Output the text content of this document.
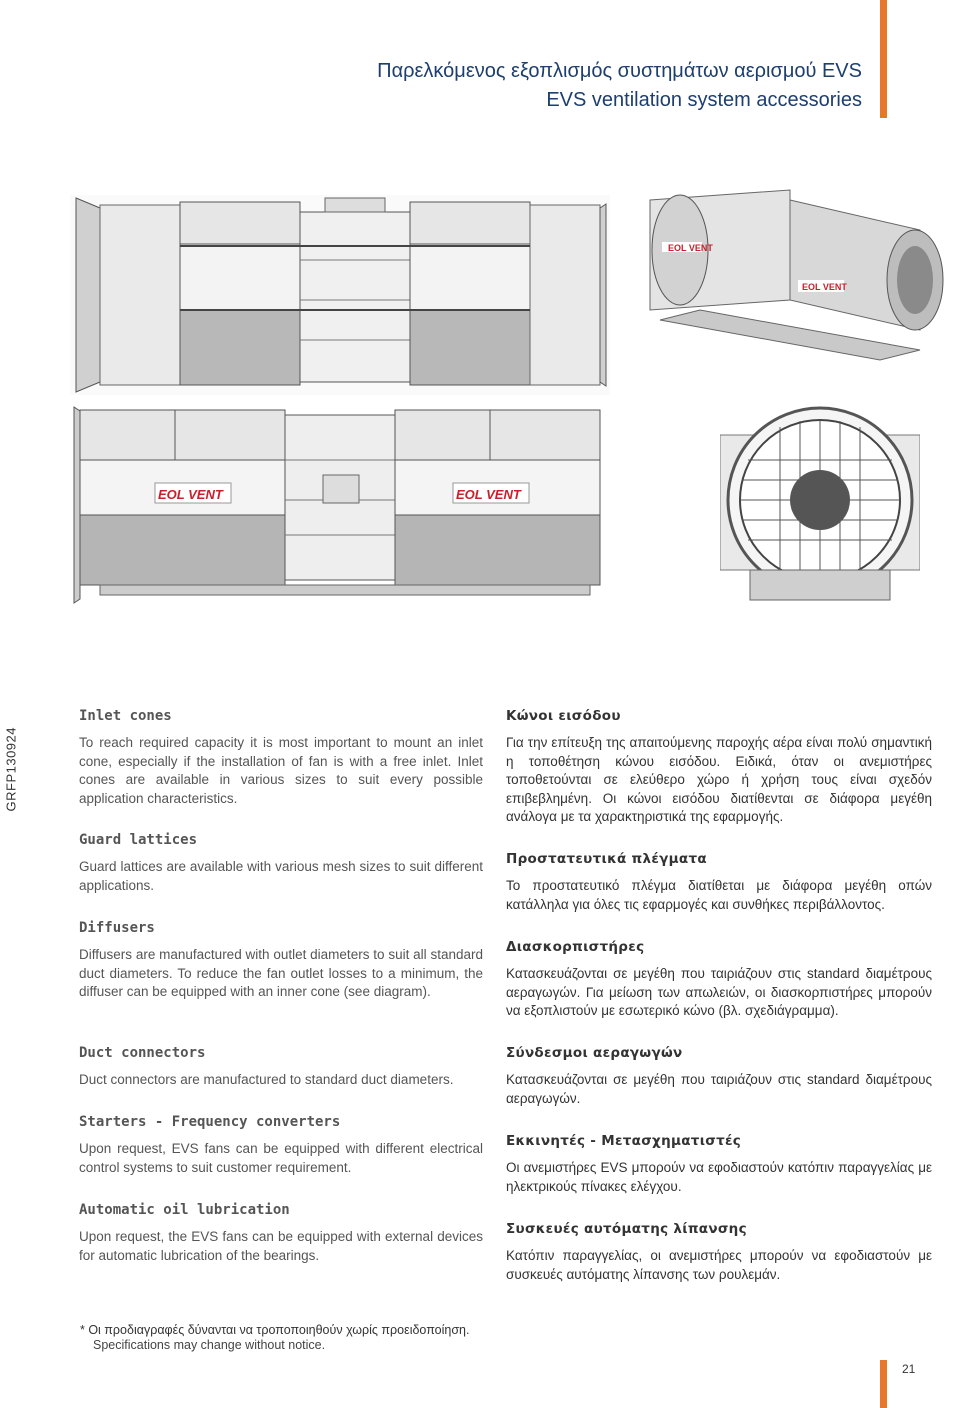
Παρελκόμενος εξοπλισμός συστημάτων αερισμού EVS
EVS ventilation system accessories
GRFP130924
EOL VENT
EOL VENT
EOL VENT	EOL VENT
Inlet cones

To reach required capacity it is most important to mount an inlet cone, especially if the installation of fan is with a free inlet. Inlet cones are available in various sizes to suit every possible application characteristics.

Guard lattices

Guard lattices are available with various mesh sizes to suit different applications.

Diffusers

Diffusers are manufactured with outlet diameters to suit all standard duct diameters. To reduce the fan outlet losses to a minimum, the diffuser can be equipped with an inner cone (see diagram).

Duct connectors

Duct connectors are manufactured to standard duct diameters.

Starters - Frequency converters

Upon request, EVS fans can be equipped with different electrical control systems to suit customer requirement.

Automatic oil lubrication

Upon request, the EVS fans can be equipped with external devices for automatic lubrication of the bearings.

Κώνοι εισόδου

Για την επίτευξη της απαιτούμενης παροχής αέρα είναι πολύ σημαντική η τοποθέτηση κώνου εισόδου. Ειδικά, όταν οι ανεμιστήρες τοποθετούνται σε ελεύθερο χώρο ή χρήση τους είναι σχεδόν επιβεβλημένη. Οι κώνοι εισόδου διατίθενται σε διάφορα μεγέθη ανάλογα με τα χαρακτηριστικά της εφαρμογής.

Προστατευτικά πλέγματα

Το προστατευτικό πλέγμα διατίθεται με διάφορα μεγέθη οπών κατάλληλα για όλες τις εφαρμογές και συνθήκες περιβάλλοντος.

Διασκορπιστήρες

Κατασκευάζονται σε μεγέθη που ταιριάζουν στις standard διαμέτρους αεραγωγών. Για μείωση των απωλειών, οι διασκορπιστήρες μπορούν να εξοπλιστούν με εσωτερικό κώνο (βλ. σχεδιάγραμμα).

Σύνδεσμοι αεραγωγών

Κατασκευάζονται σε μεγέθη που ταιριάζουν στις standard διαμέτρους αεραγωγών.

Εκκινητές - Μετασχηματιστές

Οι ανεμιστήρες EVS μπορούν να εφοδιαστούν κατόπιν παραγγελίας με ηλεκτρικούς πίνακες ελέγχου.

Συσκευές αυτόματης λίπανσης

Κατόπιν παραγγελίας, οι ανεμιστήρες μπορούν να εφοδιαστούν με συσκευές αυτόματης λίπανσης των ρουλεμάν.

* Οι προδιαγραφές δύνανται να τροποποιηθούν χωρίς προειδοποίηση.
Specifications may change without notice.
21
